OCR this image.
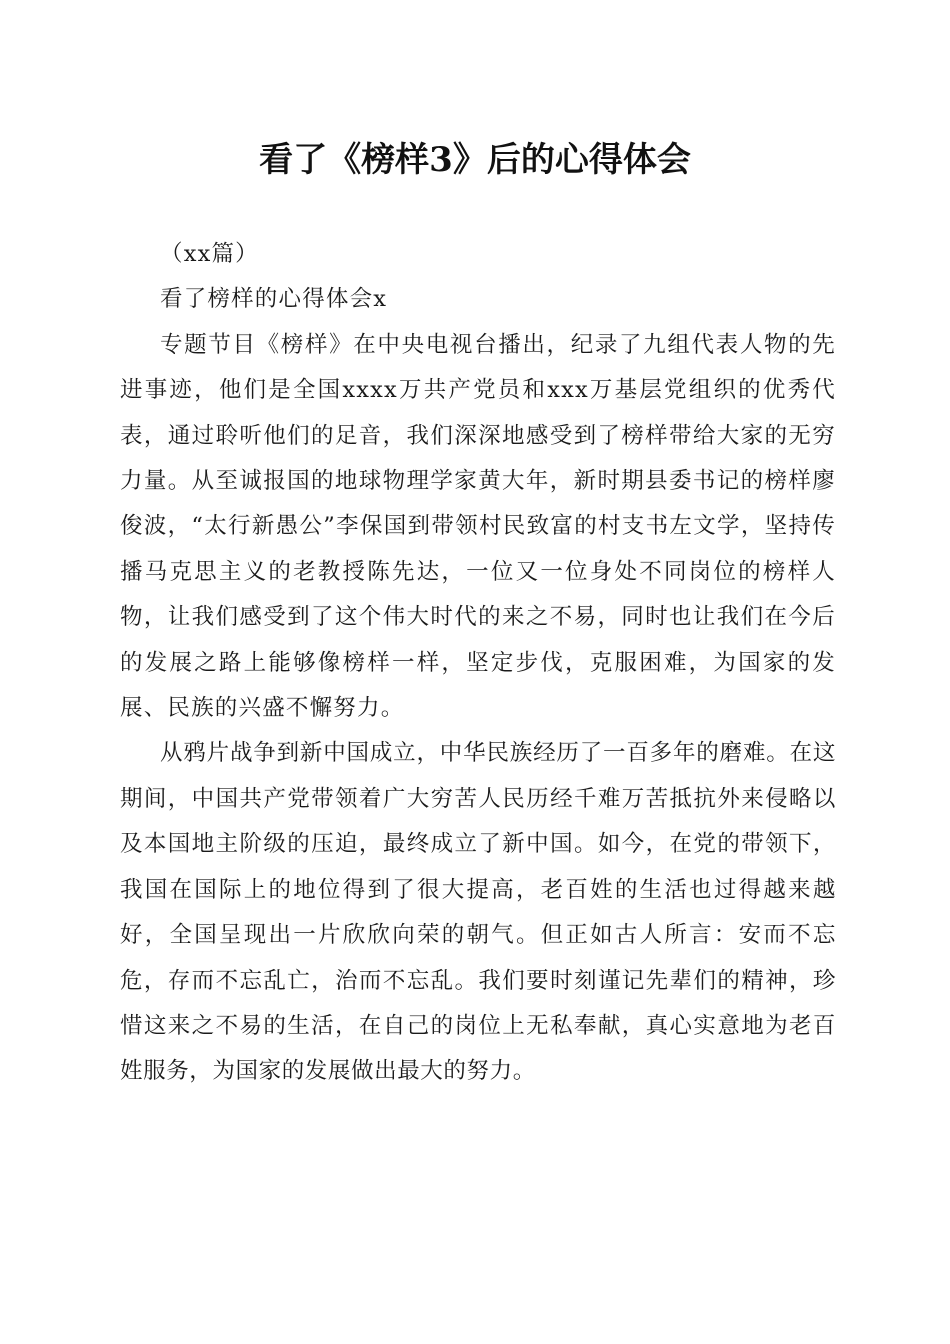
看了《榜样3》后的心得体会

（xx篇）

看了榜样的心得体会x

专题节目《榜样》在中央电视台播出，纪录了九组代表人物的先进事迹，他们是全国xxxx万共产党员和xxx万基层党组织的优秀代表，通过聆听他们的足音，我们深深地感受到了榜样带给大家的无穷力量。从至诚报国的地球物理学家黄大年，新时期县委书记的榜样廖俊波，“太行新愚公”李保国到带领村民致富的村支书左文学，坚持传播马克思主义的老教授陈先达，一位又一位身处不同岗位的榜样人物，让我们感受到了这个伟大时代的来之不易，同时也让我们在今后的发展之路上能够像榜样一样，坚定步伐，克服困难，为国家的发展、民族的兴盛不懈努力。

从鸦片战争到新中国成立，中华民族经历了一百多年的磨难。在这期间，中国共产党带领着广大穷苦人民历经千难万苦抵抗外来侵略以及本国地主阶级的压迫，最终成立了新中国。如今，在党的带领下，我国在国际上的地位得到了很大提高，老百姓的生活也过得越来越好，全国呈现出一片欣欣向荣的朝气。但正如古人所言：安而不忘危，存而不忘乱亡，治而不忘乱。我们要时刻谨记先辈们的精神，珍惜这来之不易的生活，在自己的岗位上无私奉献，真心实意地为老百姓服务，为国家的发展做出最大的努力。
